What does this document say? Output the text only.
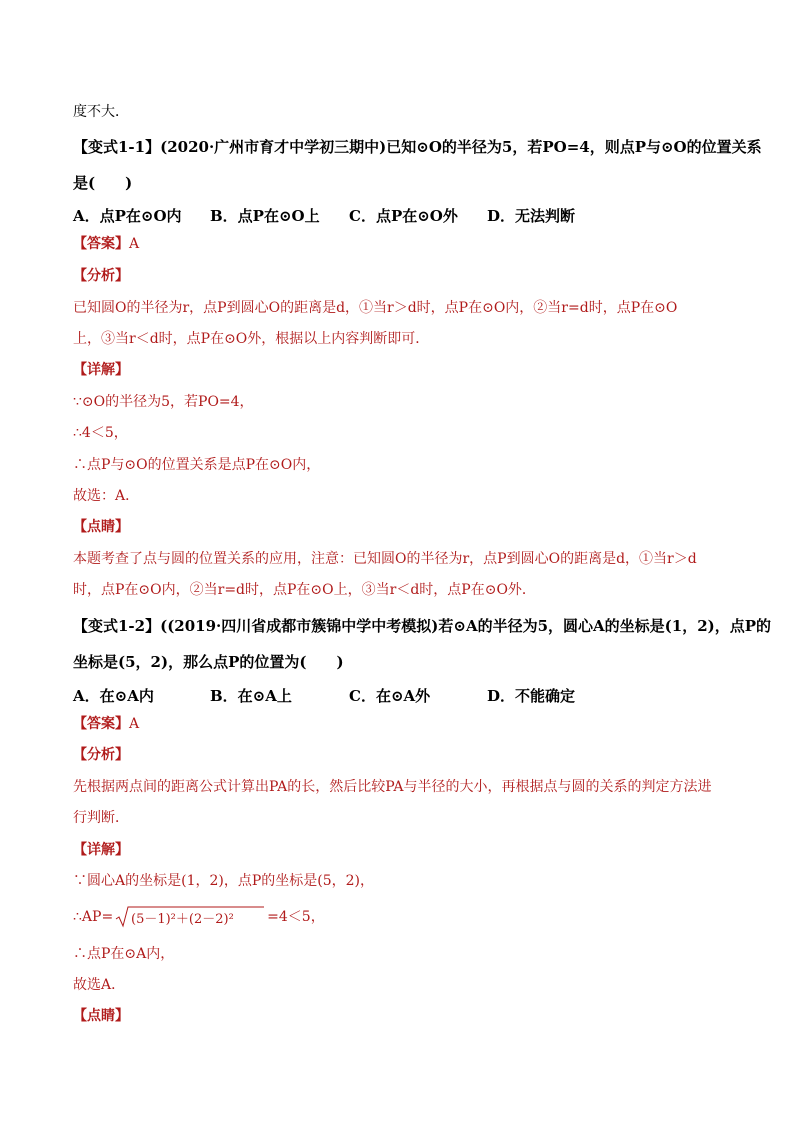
度不大．
【变式1-1】(2020·广州市育才中学初三期中)已知⊙O的半径为5，若PO=4，则点P与⊙O的位置关系
是(　　)
A．点P在⊙O内 B．点P在⊙O上 C．点P在⊙O外 D．无法判断
【答案】A
【分析】
已知圆O的半径为r，点P到圆心O的距离是d，①当r＞d时，点P在⊙O内，②当r=d时，点P在⊙O
上，③当r＜d时，点P在⊙O外，根据以上内容判断即可．
【详解】
∵⊙O的半径为5，若PO=4，
∴4＜5，
∴点P与⊙O的位置关系是点P在⊙O内，
故选：A．
【点睛】
本题考查了点与圆的位置关系的应用，注意：已知圆O的半径为r，点P到圆心O的距离是d，①当r＞d
时，点P在⊙O内，②当r=d时，点P在⊙O上，③当r＜d时，点P在⊙O外．
【变式1-2】((2019·四川省成都市簇锦中学中考模拟)若⊙A的半径为5，圆心A的坐标是(1，2)，点P的
坐标是(5，2)，那么点P的位置为(　　)
A．在⊙A内	B．在⊙A上	C．在⊙A外	D．不能确定
【答案】A
【分析】
先根据两点间的距离公式计算出PA的长，然后比较PA与半径的大小，再根据点与圆的关系的判定方法进
行判断．
【详解】
∵圆心A的坐标是(1，2)，点P的坐标是(5，2)，
∴AP= (5－1)²＋(2－2)² =4＜5，
∴点P在⊙A内，
故选A．
【点睛】
